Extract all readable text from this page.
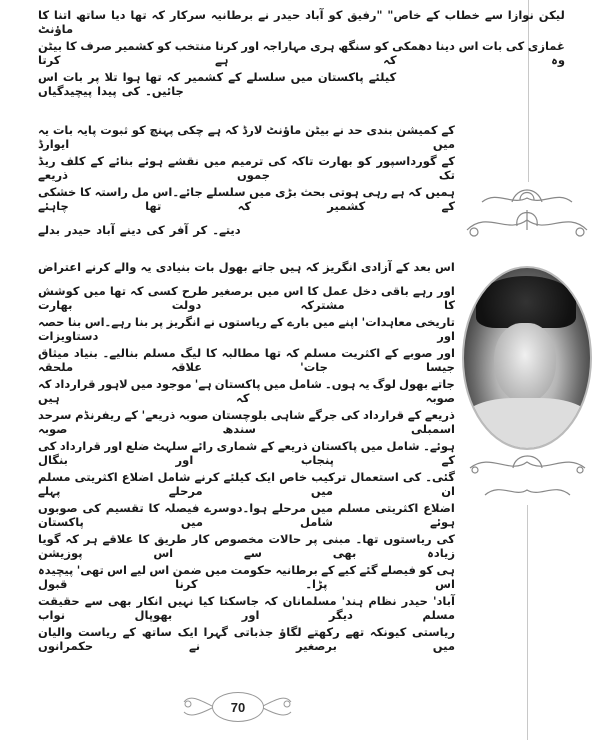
کا اتنا ساتھ دیا تھا کہ سرکار برطانیہ نے حیدر آباد کو "رفیق خاص" کے خطاب سے نوازا لیکن
ماؤنٹ
بیٹن کا صرف کشمیر کو منتخب کرنا اور مہاراجہ ہری سنگھ کو دھمکی دینا اس بات کی غمازی
کرتا	ہے	کہ	وہ
اس بات پر تلا ہوا تھا کہ کشمیر کے سلسلے میں پاکستان کیلئے
پیچیدگیاں پیدا کی جائیں۔
یہ بات پایہ ثبوت کو پہنچ چکی ہے کہ لارڈ ماؤنٹ بیٹن نے حد بندی کمیشن کے
ایوارڈ	میں
ریڈ کلف کے بنائے ہوئے نقشے میں ترمیم کی تاکہ بھارت کو گورداسپور کے
ذریعے	جموں	تک
خشکی کا راستہ مل جائے۔اس سلسلے میں بڑی بحث ہوتی رہی ہے کہ ہمیں
چاہئے	تھا	کہ	کشمیر	کے
بدلے حیدر آباد دینے کی آفر کر دیتے۔
اعتراض کرنے والے یہ بنیادی بات بھول جاتے ہیں کہ انگریز آزادی کے بعد اس
کوشش میں تھا کہ کسی طرح برصغیر میں اس کا عمل دخل باقی رہے اور
بھارت	دولت	مشترکہ	کا
حصہ بنا رہے۔اس بنا پر انگریز نے ریاستوں کے بارے میں اپنے معاہدات' تاریخی
دستاویزات	اور
میثاق بنیاد بنالیے۔ مسلم لیگ کا مطالبہ تھا کہ مسلم اکثریت کے صوبے اور
ملحقہ	علاقہ	جات'	جیسا
کہ قرارداد لاہور میں موجود ہے' پاکستان میں شامل ہوں۔ یہ لوگ بھول جاتے
ہیں	کہ	صوبہ
سرحد ریفرنڈم کے ذریعے' صوبہ بلوچستان شاہی جرگے کی قرارداد کے ذریعے
صوبہ	سندھ	اسمبلی
کی قرارداد اور ضلع سلہٹ رائے شماری کے ذریعے پاکستان میں شامل ہوئے۔
بنگال	اور	پنجاب	کے
مسلم اکثریتی اضلاع شامل کرنے کیلئے ایک خاص ترکیب استعمال کی گئی۔
پہلے	مرحلے	میں	ان
صوبوں کی تقسیم کا فیصلہ ہوا۔دوسرے مرحلے میں مسلم اکثریتی اضلاع
پاکستان	میں	شامل	ہوئے
گویا کہ ہر علاقے کا طریق کار مخصوص حالات پر مبنی تھا۔ ریاستوں کی
پوزیشن	اس	سے	بھی	زیادہ
پیچیدہ تھی' اس لیے اس ضمن میں حکومت برطانیہ کے کیے گئے فیصلے کو ہی
قبول	کرنا	پڑا۔	اس
حقیقت سے بھی انکار نہیں کیا جاسکتا کہ مسلمانان ہند' نظام حیدر آباد'
نواب	بھوپال	اور	دیگر	مسلم
والیان ریاست کے ساتھ ایک گہرا جذباتی لگاؤ رکھتے تھے کیونکہ ریاستی
حکمرانوں	نے	برصغیر	میں
70
